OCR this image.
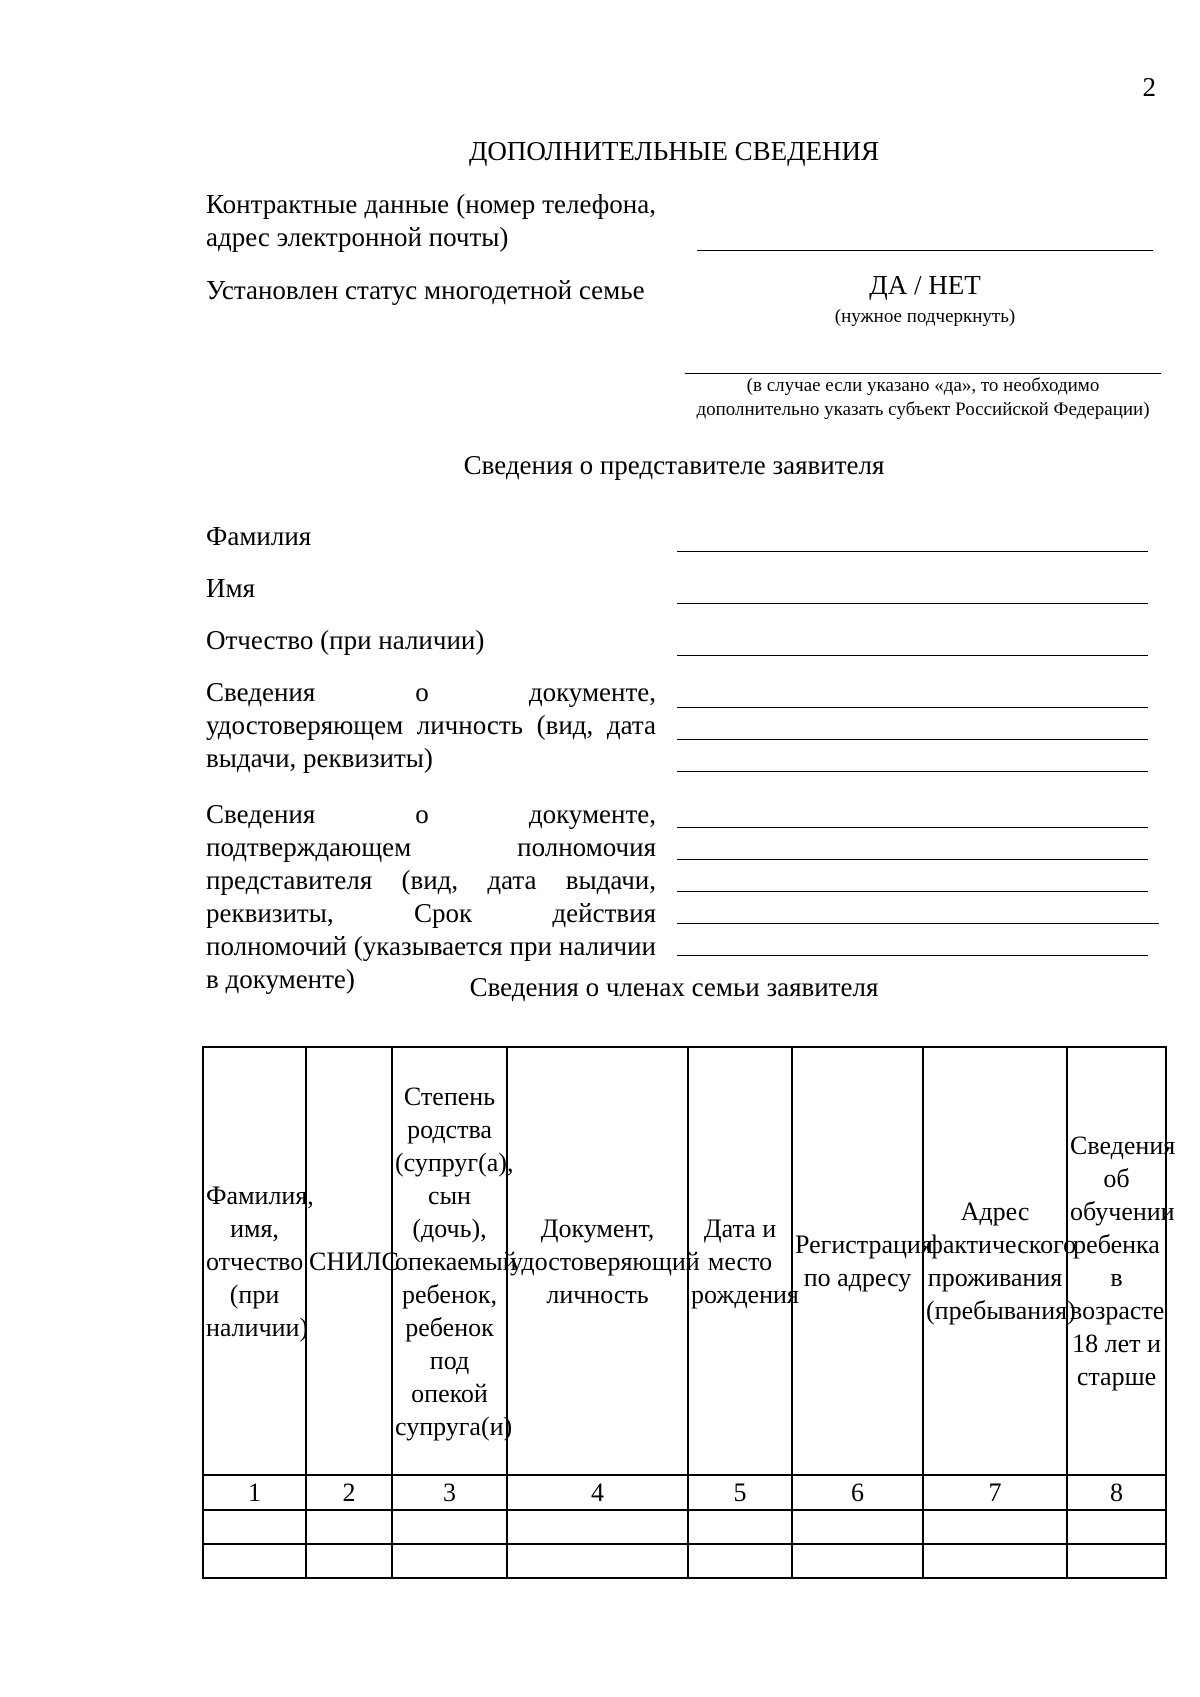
2
ДОПОЛНИТЕЛЬНЫЕ СВЕДЕНИЯ
Контрактные данные (номер телефона, адрес электронной почты)
Установлен статус многодетной семье	ДА / НЕТ
(нужное подчеркнуть)
(в случае если указано «да», то необходимо дополнительно указать субъект Российской Федерации)
Сведения о представителе заявителя
Фамилия
Имя
Отчество (при наличии)
Сведения о документе, удостоверяющем личность (вид, дата выдачи, реквизиты)
Сведения о документе, подтверждающем полномочия представителя (вид, дата выдачи, реквизиты, Срок действия полномочий (указывается при наличии в документе)	Сведения о членах семьи заявителя
Фамилия, имя, отчество (при наличии)	СНИЛС	Степень родства (супруг(а), сын (дочь), опекаемый ребенок, ребенок под опекой супруга(и)	Документ, удостоверяющий личность	Дата и место рождения	Регистрация по адресу	Адрес фактического проживания (пребывания)	Сведения об обучении ребенка в возрасте 18 лет и старше
1	2	3	4	5	6	7	8
